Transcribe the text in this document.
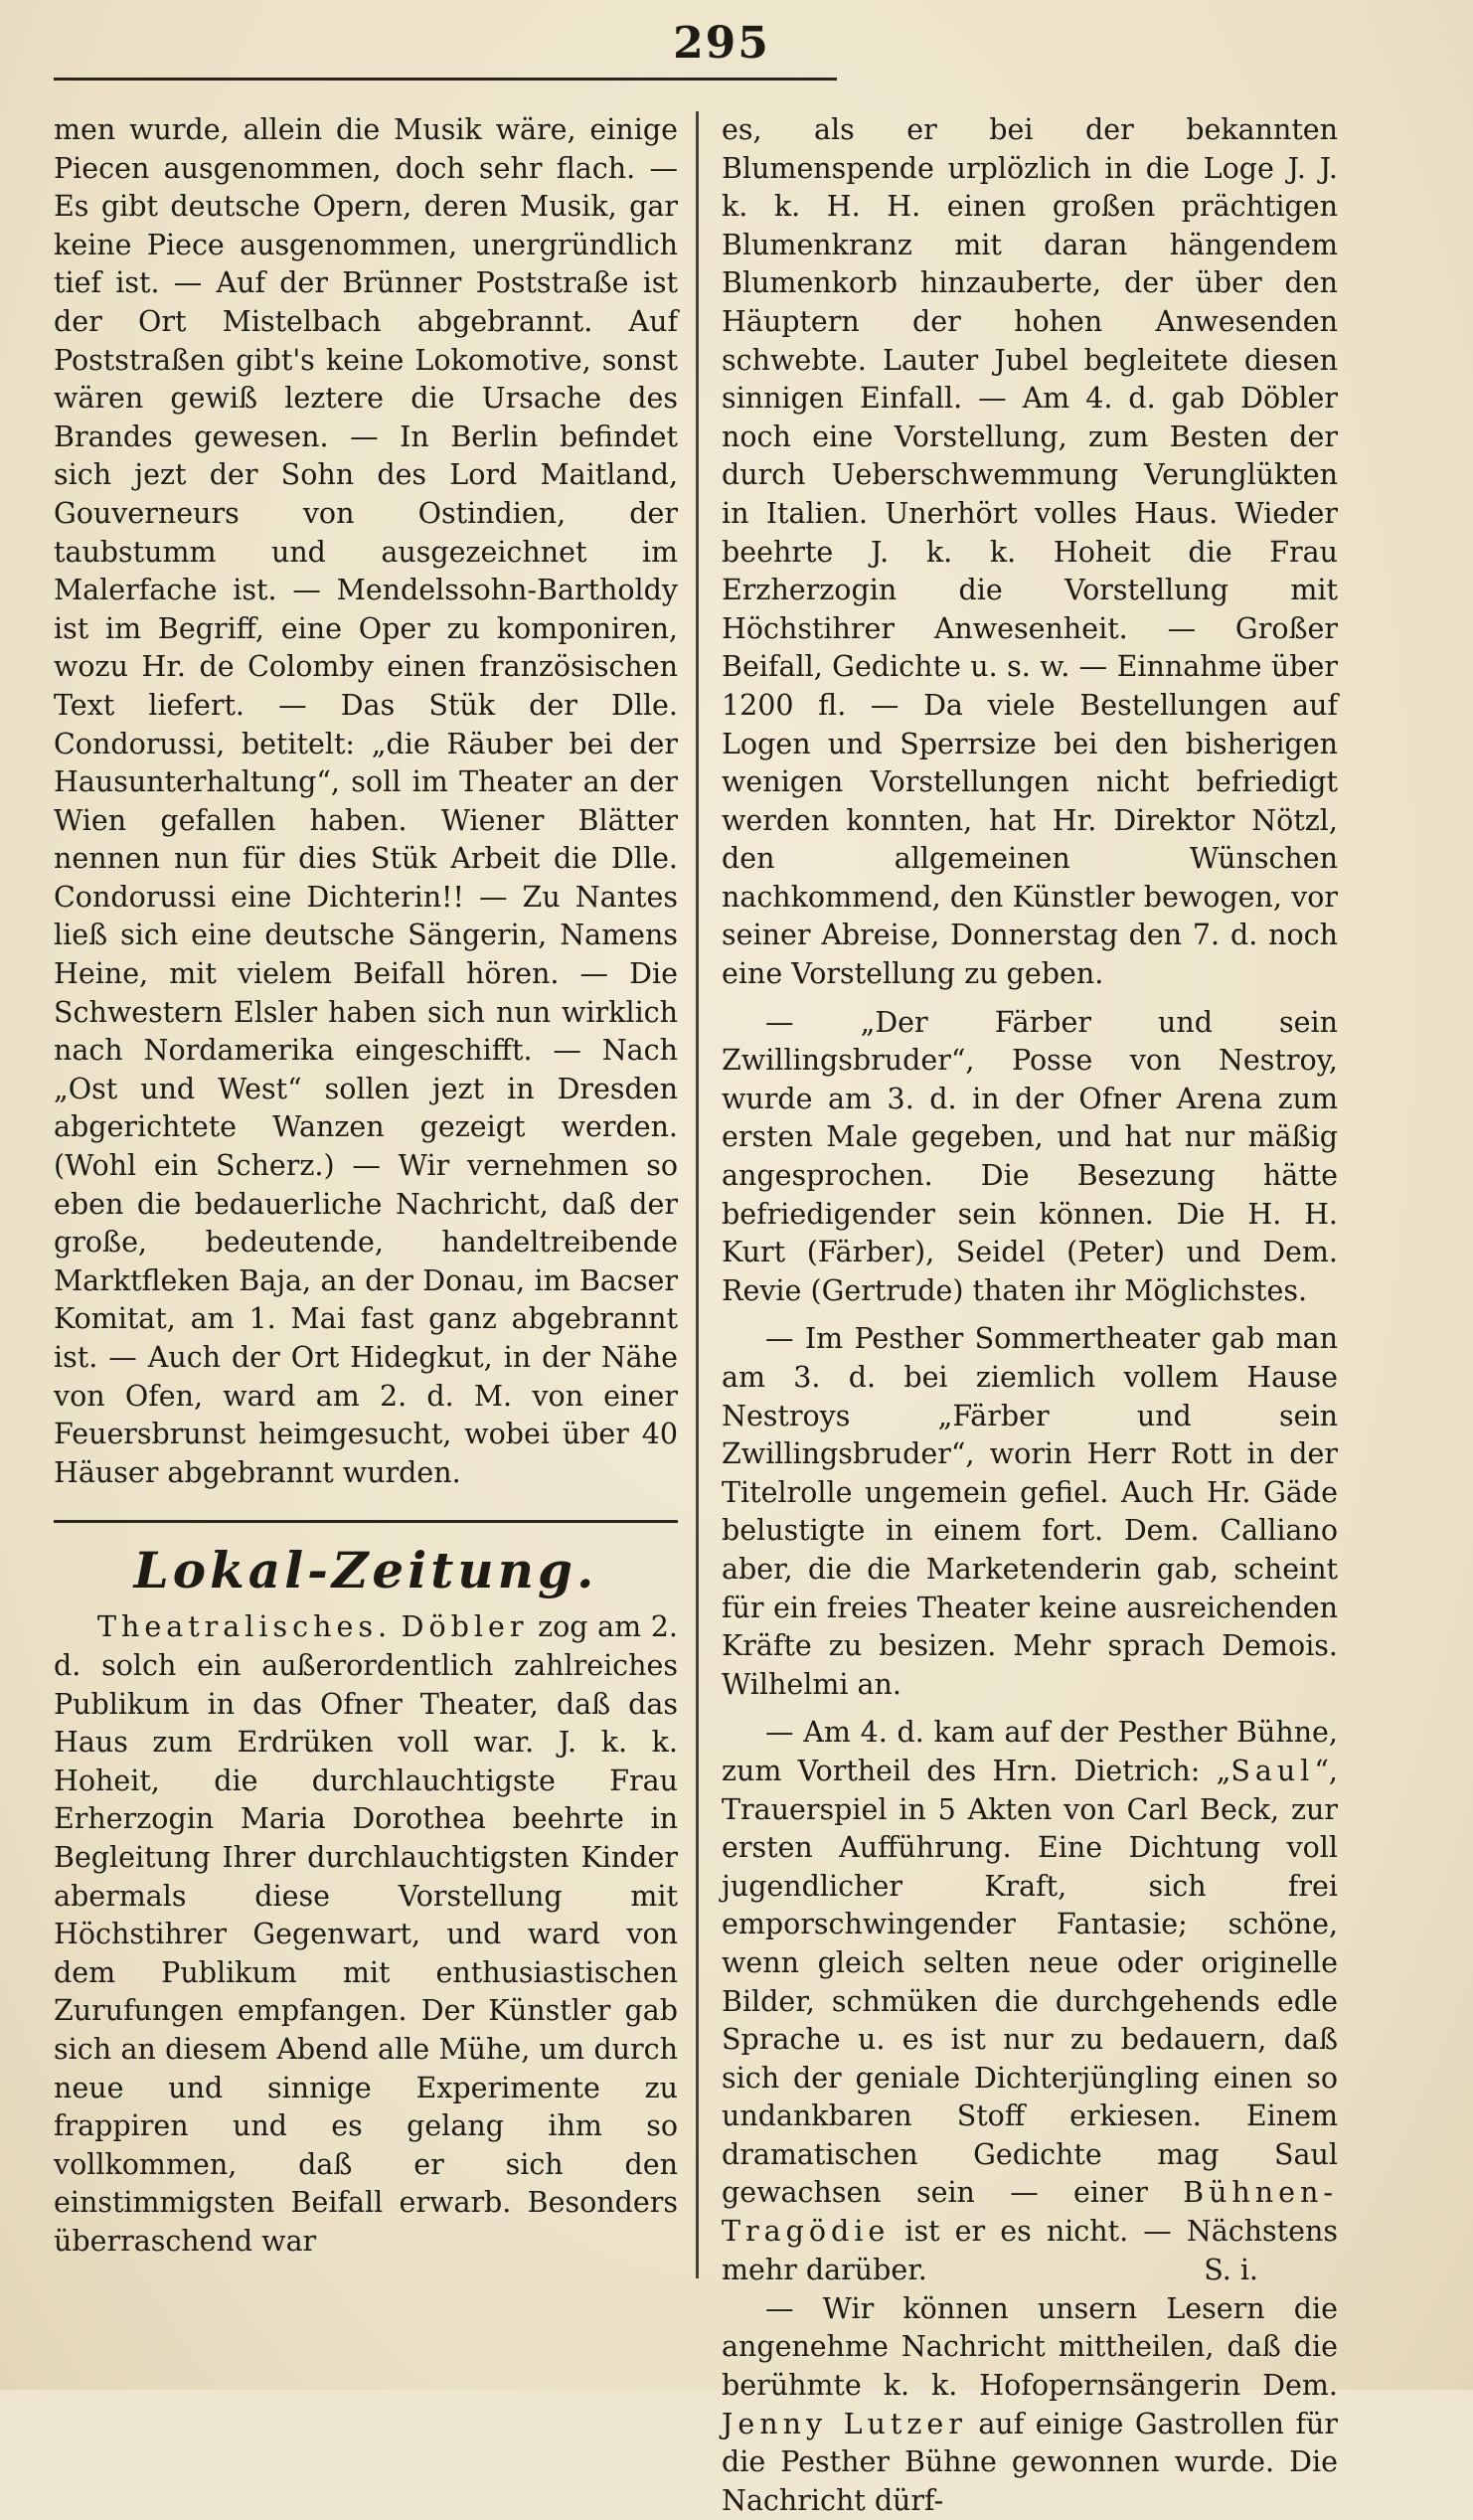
295

men wurde, allein die Musik wäre, einige Piecen ausgenommen, doch sehr flach. — Es gibt deutsche Opern, deren Musik, gar keine Piece ausgenommen, unergründlich tief ist. — Auf der Brünner Poststraße ist der Ort Mistelbach abgebrannt. Auf Poststraßen gibt's keine Lokomotive, sonst wären gewiß leztere die Ursache des Brandes gewesen. — In Berlin befindet sich jezt der Sohn des Lord Maitland, Gouverneurs von Ostindien, der taubstumm und ausgezeichnet im Malerfache ist. — Mendelssohn-Bartholdy ist im Begriff, eine Oper zu komponiren, wozu Hr. de Colomby einen französischen Text liefert. — Das Stük der Dlle. Condorussi, betitelt: „die Räuber bei der Hausunterhaltung“, soll im Theater an der Wien gefallen haben. Wiener Blätter nennen nun für dies Stük Arbeit die Dlle. Condorussi eine Dichterin!! — Zu Nantes ließ sich eine deutsche Sängerin, Namens Heine, mit vielem Beifall hören. — Die Schwestern Elsler haben sich nun wirklich nach Nordamerika eingeschifft. — Nach „Ost und West“ sollen jezt in Dresden abgerichtete Wanzen gezeigt werden. (Wohl ein Scherz.) — Wir vernehmen so eben die bedauerliche Nachricht, daß der große, bedeutende, handeltreibende Marktfleken Baja, an der Donau, im Bacser Komitat, am 1. Mai fast ganz abgebrannt ist. — Auch der Ort Hidegkut, in der Nähe von Ofen, ward am 2. d. M. von einer Feuersbrunst heimgesucht, wobei über 40 Häuser abgebrannt wurden.

Lokal-Zeitung.

Theatralisches. Döbler zog am 2. d. solch ein außerordentlich zahlreiches Publikum in das Ofner Theater, daß das Haus zum Erdrüken voll war. J. k. k. Hoheit, die durchlauchtigste Frau Erherzogin Maria Dorothea beehrte in Begleitung Ihrer durchlauchtigsten Kinder abermals diese Vorstellung mit Höchstihrer Gegenwart, und ward von dem Publikum mit enthusiastischen Zurufungen empfangen. Der Künstler gab sich an diesem Abend alle Mühe, um durch neue und sinnige Experimente zu frappiren und es gelang ihm so vollkommen, daß er sich den einstimmigsten Beifall erwarb. Besonders überraschend war

es, als er bei der bekannten Blumenspende urplözlich in die Loge J. J. k. k. H. H. einen großen prächtigen Blumenkranz mit daran hängendem Blumenkorb hinzauberte, der über den Häuptern der hohen Anwesenden schwebte. Lauter Jubel begleitete diesen sinnigen Einfall. — Am 4. d. gab Döbler noch eine Vorstellung, zum Besten der durch Ueberschwemmung Verunglükten in Italien. Unerhört volles Haus. Wieder beehrte J. k. k. Hoheit die Frau Erzherzogin die Vorstellung mit Höchstihrer Anwesenheit. — Großer Beifall, Gedichte u. s. w. — Einnahme über 1200 fl. — Da viele Bestellungen auf Logen und Sperrsize bei den bisherigen wenigen Vorstellungen nicht befriedigt werden konnten, hat Hr. Direktor Nötzl, den allgemeinen Wünschen nachkommend, den Künstler bewogen, vor seiner Abreise, Donnerstag den 7. d. noch eine Vorstellung zu geben.

— „Der Färber und sein Zwillingsbruder“, Posse von Nestroy, wurde am 3. d. in der Ofner Arena zum ersten Male gegeben, und hat nur mäßig angesprochen. Die Besezung hätte befriedigender sein können. Die H. H. Kurt (Färber), Seidel (Peter) und Dem. Revie (Gertrude) thaten ihr Möglichstes.

— Im Pesther Sommertheater gab man am 3. d. bei ziemlich vollem Hause Nestroys „Färber und sein Zwillingsbruder“, worin Herr Rott in der Titelrolle ungemein gefiel. Auch Hr. Gäde belustigte in einem fort. Dem. Calliano aber, die die Marketenderin gab, scheint für ein freies Theater keine ausreichenden Kräfte zu besizen. Mehr sprach Demois. Wilhelmi an.

— Am 4. d. kam auf der Pesther Bühne, zum Vortheil des Hrn. Dietrich: „Saul“, Trauerspiel in 5 Akten von Carl Beck, zur ersten Aufführung. Eine Dichtung voll jugendlicher Kraft, sich frei emporschwingender Fantasie; schöne, wenn gleich selten neue oder originelle Bilder, schmüken die durchgehends edle Sprache u. es ist nur zu bedauern, daß sich der geniale Dichterjüngling einen so undankbaren Stoff erkiesen. Einem dramatischen Gedichte mag Saul gewachsen sein — einer Bühnen-Tragödie ist er es nicht. — Nächstens mehr darüber.	S. i.

— Wir können unsern Lesern die angenehme Nachricht mittheilen, daß die berühmte k. k. Hofopernsängerin Dem. Jenny Lutzer auf einige Gastrollen für die Pesther Bühne gewonnen wurde. Die Nachricht dürf-
